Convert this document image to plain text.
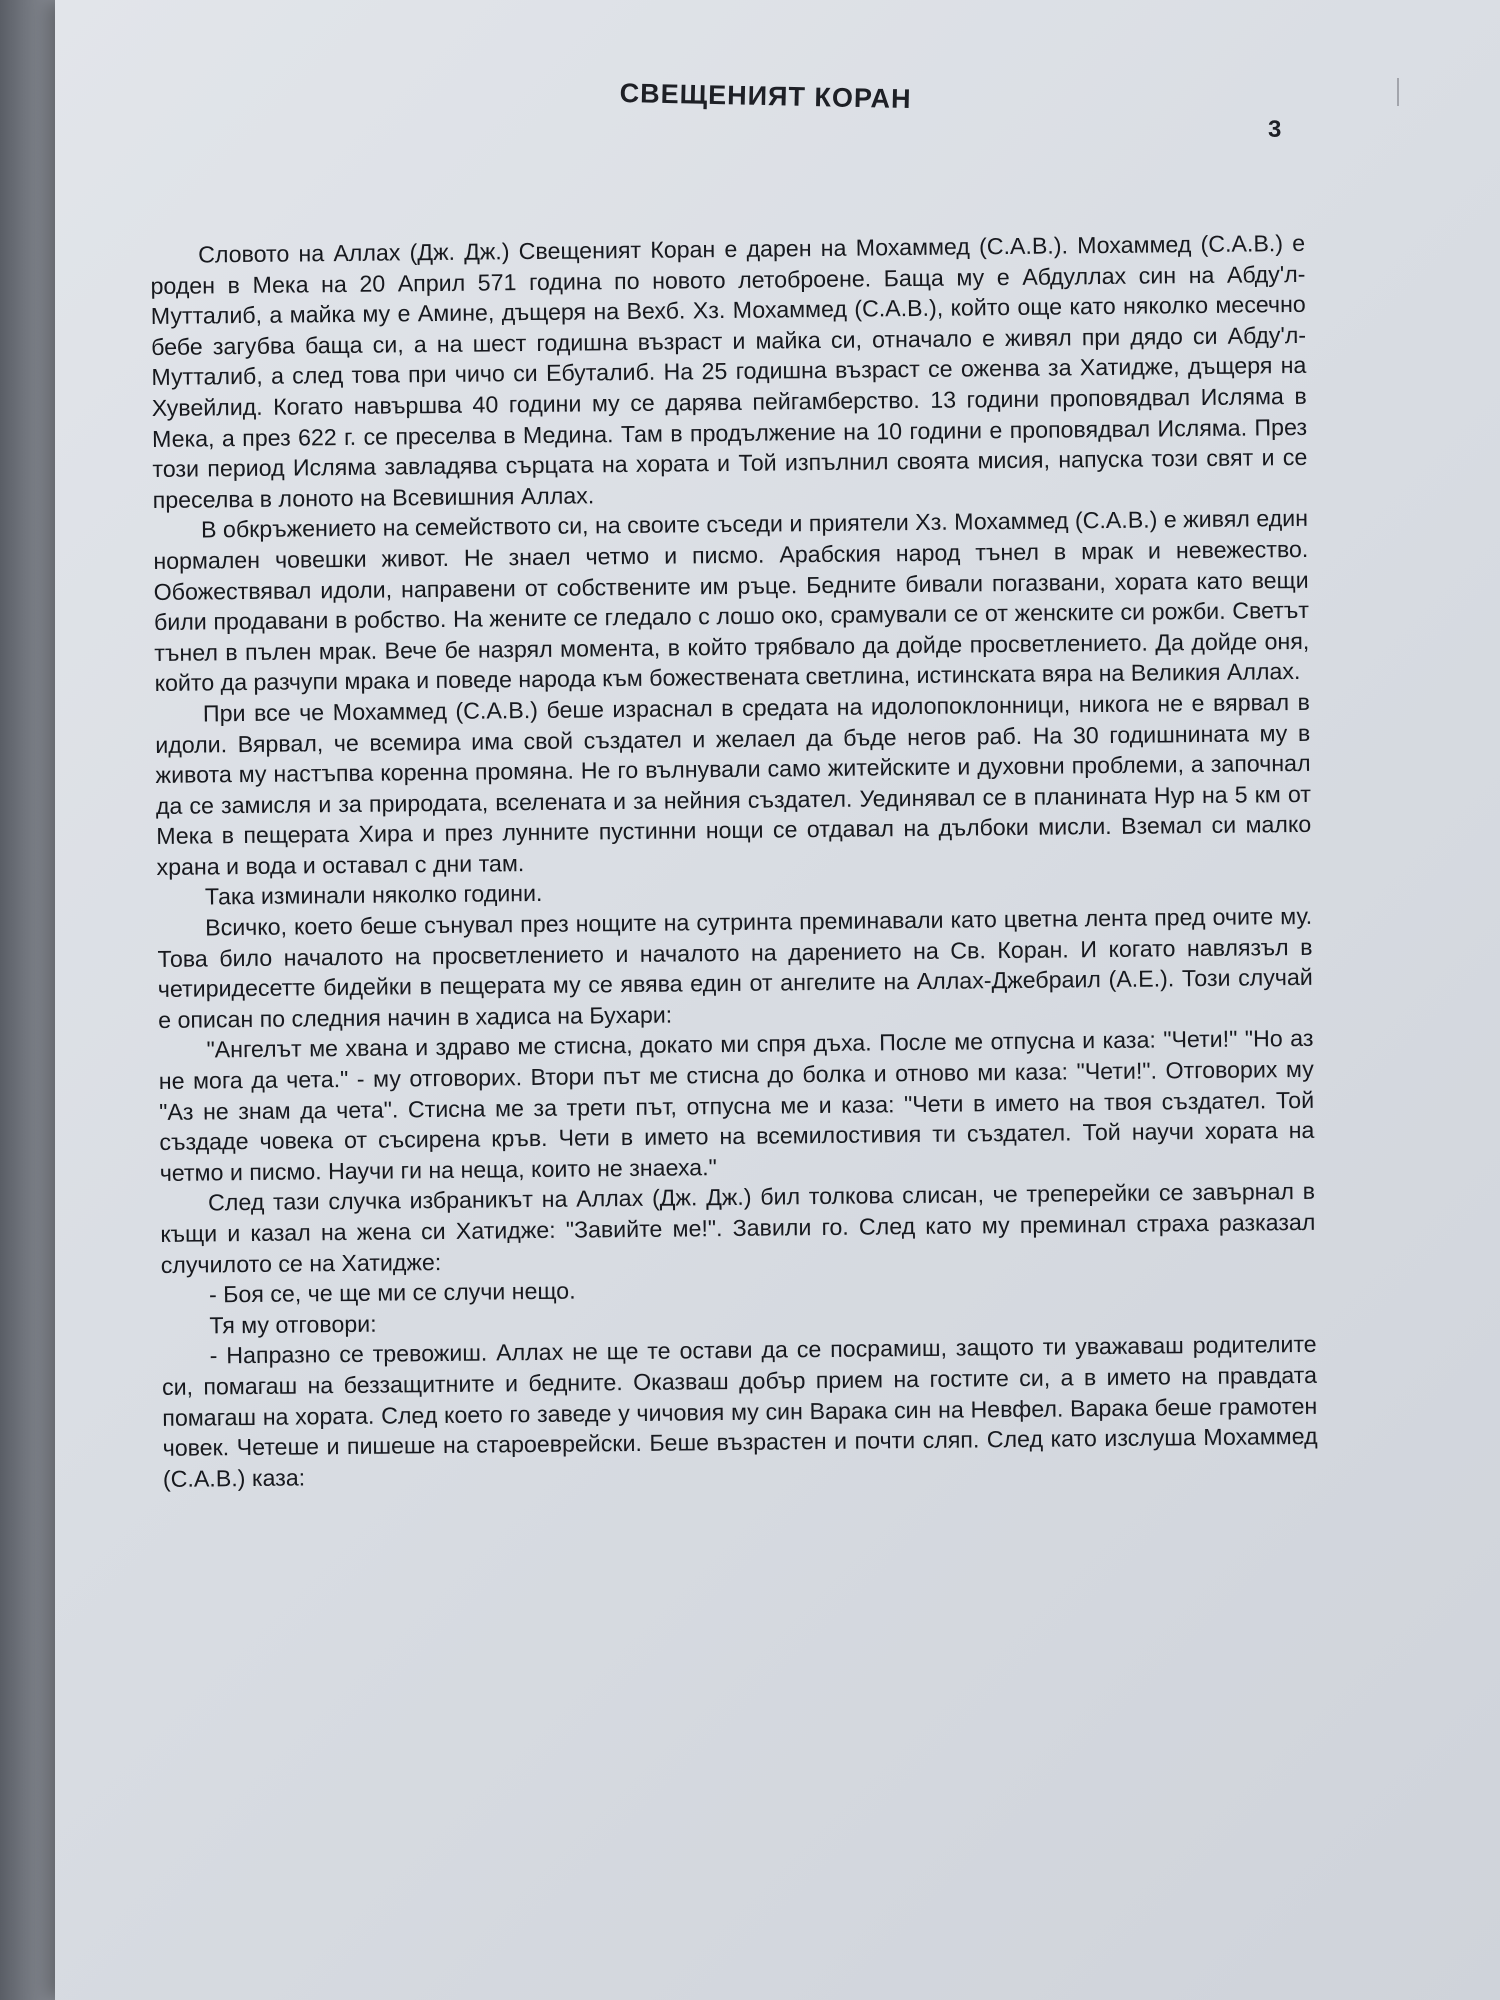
СВЕЩЕНИЯТ КОРАН
3

Словото на Аллах (Дж. Дж.) Свещеният Коран е дарен на Мохаммед (С.А.В.). Мохаммед (С.А.В.) е роден в Мека на 20 Април 571 година по новото летоброене. Баща му е Абдуллах син на Абду'л-Мутталиб, а майка му е Амине, дъщеря на Вехб. Хз. Мохаммед (С.А.В.), който още като няколко месечно бебе загубва баща си, а на шест годишна възраст и майка си, отначало е живял при дядо си Абду'л-Мутталиб, а след това при чичо си Ебуталиб. На 25 годишна възраст се оженва за Хатидже, дъщеря на Хувейлид. Когато навършва 40 години му се дарява пейгамберство. 13 години проповядвал Исляма в Мека, а през 622 г. се преселва в Медина. Там в продължение на 10 години е проповядвал Исляма. През този период Исляма завладява сърцата на хората и Той изпълнил своята мисия, напуска този свят и се преселва в лоното на Всевишния Аллах.

В обкръжението на семейството си, на своите съседи и приятели Хз. Мохаммед (С.А.В.) е живял един нормален човешки живот. Не знаел четмо и писмо. Арабския народ тънел в мрак и невежество. Обожествявал идоли, направени от собствените им ръце. Бедните бивали погазвани, хората като вещи били продавани в робство. На жените се гледало с лошо око, срамували се от женските си рожби. Светът тънел в пълен мрак. Вече бе назрял момента, в който трябвало да дойде просветлението. Да дойде оня, който да разчупи мрака и поведе народа към божествената светлина, истинската вяра на Великия Аллах.

При все че Мохаммед (С.А.В.) беше израснал в средата на идолопоклонници, никога не е вярвал в идоли. Вярвал, че всемира има свой създател и желаел да бъде негов раб. На 30 годишнината му в живота му настъпва коренна промяна. Не го вълнували само житейските и духовни проблеми, а започнал да се замисля и за природата, вселената и за нейния създател. Уединявал се в планината Нур на 5 км от Мека в пещерата Хира и през лунните пустинни нощи се отдавал на дълбоки мисли. Вземал си малко храна и вода и оставал с дни там.

Така изминали няколко години.

Всичко, което беше сънувал през нощите на сутринта преминавали като цветна лента пред очите му. Това било началото на просветлението и началото на дарението на Св. Коран. И когато навлязъл в четиридесетте бидейки в пещерата му се явява един от ангелите на Аллах-Джебраил (А.Е.). Този случай е описан по следния начин в хадиса на Бухари:

"Ангелът ме хвана и здраво ме стисна, докато ми спря дъха. После ме отпусна и каза: "Чети!" "Но аз не мога да чета." - му отговорих. Втори път ме стисна до болка и отново ми каза: "Чети!". Отговорих му "Аз не знам да чета". Стисна ме за трети път, отпусна ме и каза: "Чети в името на твоя създател. Той създаде човека от съсирена кръв. Чети в името на всемилостивия ти създател. Той научи хората на четмо и писмо. Научи ги на неща, които не знаеха."

След тази случка избраникът на Аллах (Дж. Дж.) бил толкова слисан, че треперейки се завърнал в къщи и казал на жена си Хатидже: "Завийте ме!". Завили го. След като му преминал страха разказал случилото се на Хатидже:

- Боя се, че ще ми се случи нещо.

Тя му отговори:

- Напразно се тревожиш. Аллах не ще те остави да се посрамиш, защото ти уважаваш родителите си, помагаш на беззащитните и бедните. Оказваш добър прием на гостите си, а в името на правдата помагаш на хората. След което го заведе у чичовия му син Варака син на Невфел. Варака беше грамотен човек. Четеше и пишеше на староеврейски. Беше възрастен и почти сляп. След като изслуша Мохаммед (С.А.В.) каза:
